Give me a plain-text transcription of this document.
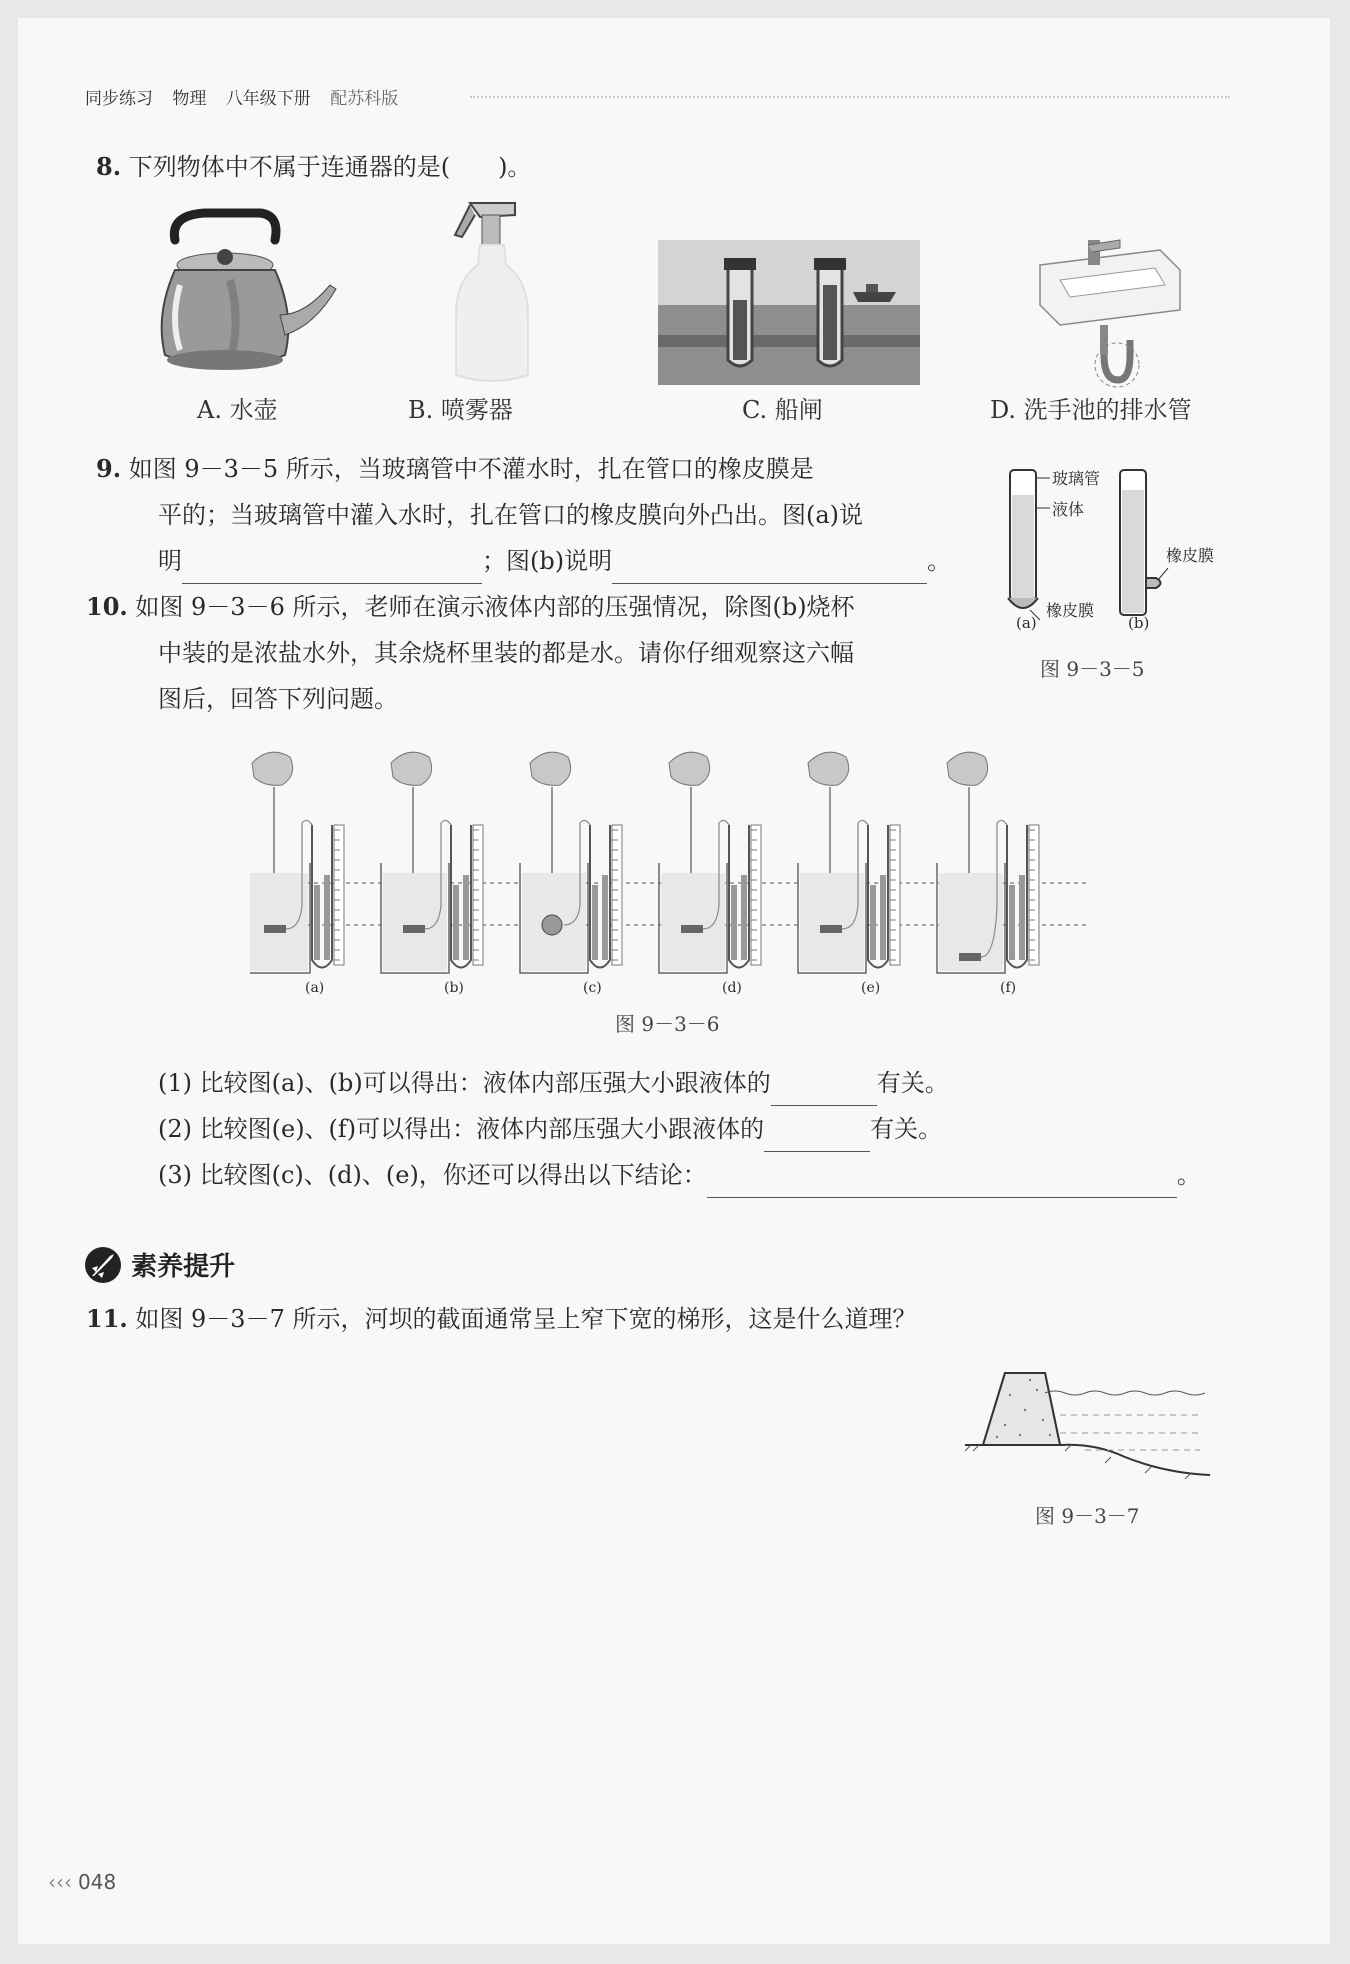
同步练习 物理 八年级下册 配苏科版
8. 下列物体中不属于连通器的是(　　)。
A. 水壶	B. 喷雾器	C. 船闸	D. 洗手池的排水管
9. 如图 9－3－5 所示，当玻璃管中不灌水时，扎在管口的橡皮膜是
平的；当玻璃管中灌入水时，扎在管口的橡皮膜向外凸出。图(a)说
明	；图(b)说明	。
玻璃管
液体
橡皮膜
橡皮膜
(a)	(b)
图 9－3－5
10. 如图 9－3－6 所示，老师在演示液体内部的压强情况，除图(b)烧杯
中装的是浓盐水外，其余烧杯里装的都是水。请你仔细观察这六幅
图后，回答下列问题。
(a)	(b)	(c)	(d)	(e)	(f)
图 9－3－6
(1) 比较图(a)、(b)可以得出：液体内部压强大小跟液体的	有关。
(2) 比较图(e)、(f)可以得出：液体内部压强大小跟液体的	有关。
(3) 比较图(c)、(d)、(e)，你还可以得出以下结论：	。
素养提升
11. 如图 9－3－7 所示，河坝的截面通常呈上窄下宽的梯形，这是什么道理？
图 9－3－7
‹‹‹ 048
